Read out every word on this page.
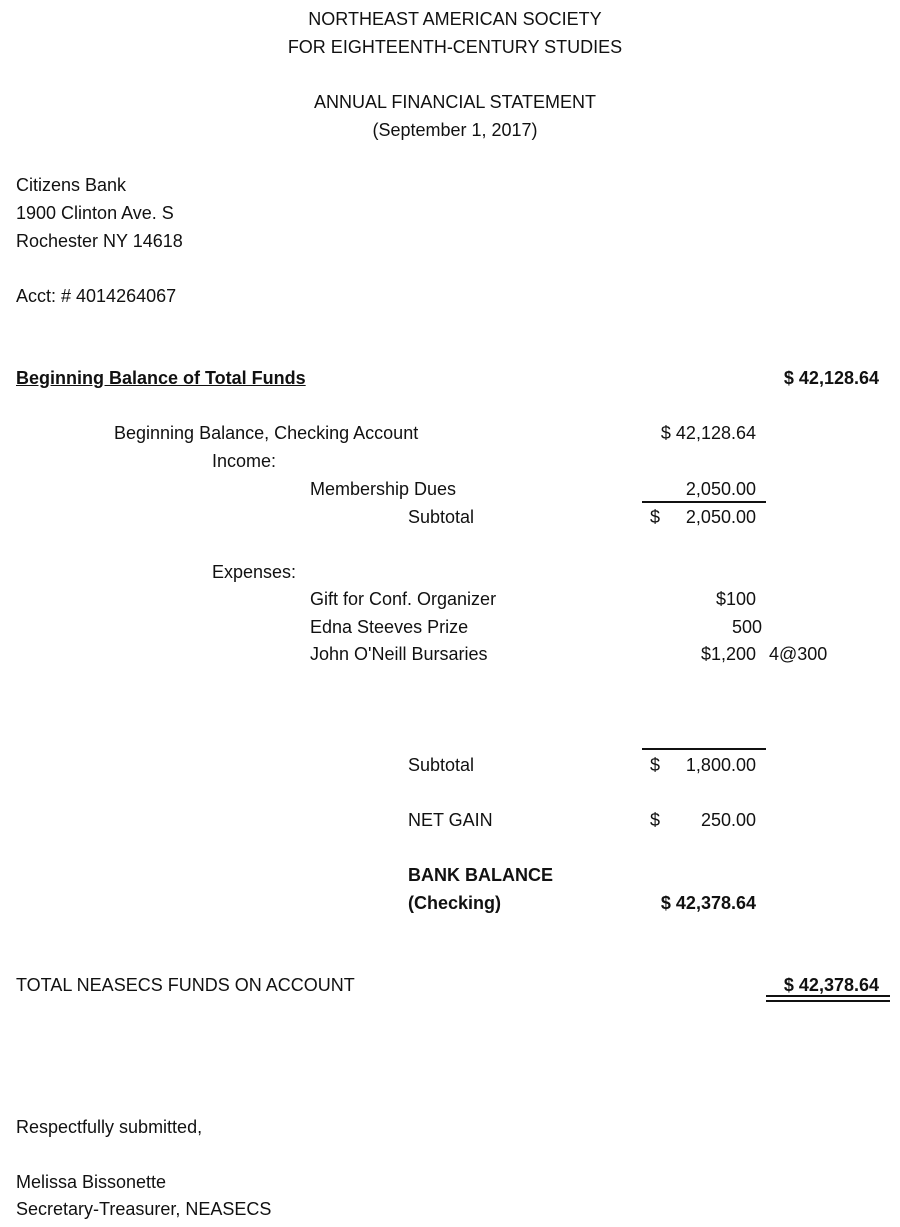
NORTHEAST AMERICAN SOCIETY
FOR EIGHTEENTH-CENTURY STUDIES
ANNUAL FINANCIAL STATEMENT
(September 1, 2017)
Citizens Bank
1900 Clinton Ave. S
Rochester NY 14618
Acct: # 4014264067
Beginning Balance of Total Funds	$ 42,128.64
Beginning Balance, Checking Account	$ 42,128.64
Income:
Membership Dues	2,050.00
Subtotal	$	2,050.00
Expenses:
Gift for Conf. Organizer	$100
Edna Steeves Prize	500
John O'Neill Bursaries	$1,200 4@300
Subtotal	$	1,800.00
NET GAIN	$	250.00
BANK BALANCE
(Checking)	$ 42,378.64
TOTAL NEASECS FUNDS ON ACCOUNT	$ 42,378.64
Respectfully submitted,
Melissa Bissonette
Secretary-Treasurer, NEASECS
